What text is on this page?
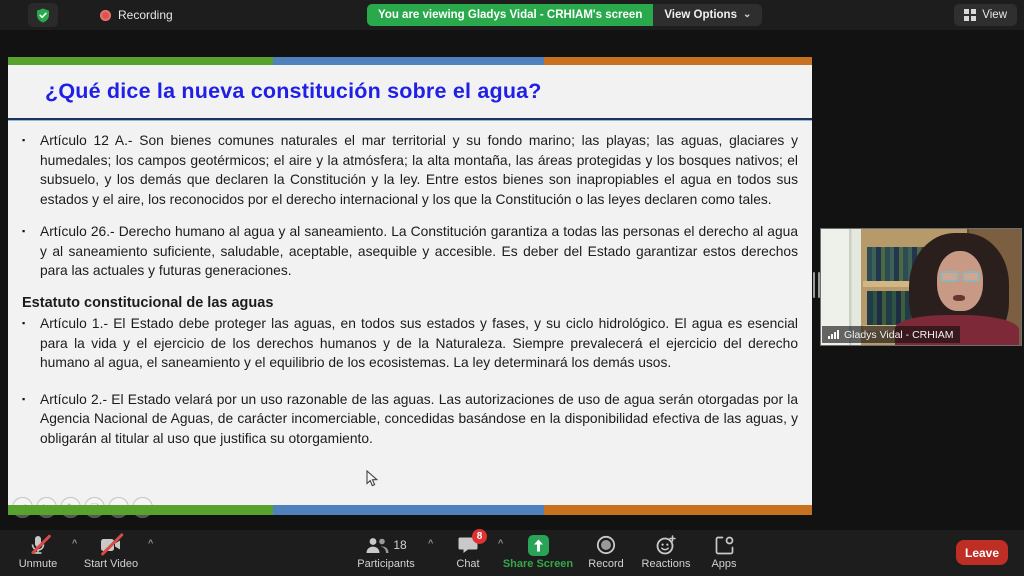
Recording	You are viewing Gladys Vidal - CRHIAM's screen	View Options ⌄	View
¿Qué dice la nueva constitución sobre el agua?
▪	Artículo 12 A.- Son bienes comunes naturales el mar territorial y su fondo marino; las playas; las aguas, glaciares y humedales; los campos geotérmicos; el aire y la atmósfera; la alta montaña, las áreas protegidas y los bosques nativos; el subsuelo, y los demás que declaren la Constitución y la ley. Entre estos bienes son inapropiables el agua en todos sus estados y el aire, los reconocidos por el derecho internacional y los que la Constitución o las leyes declaren como tales.
▪	Artículo 26.- Derecho humano al agua y al saneamiento. La Constitución garantiza a todas las personas el derecho al agua y al saneamiento suficiente, saludable, aceptable, asequible y accesible. Es deber del Estado garantizar estos derechos para las actuales y futuras generaciones.
Estatuto constitucional de las aguas
▪	Artículo 1.- El Estado debe proteger las aguas, en todos sus estados y fases, y su ciclo hidrológico. El agua es esencial para la vida y el ejercicio de los derechos humanos y de la Naturaleza. Siempre prevalecerá el ejercicio del derecho humano al agua, el saneamiento y el equilibrio de los ecosistemas. La ley determinará los demás usos.
▪	Artículo 2.- El Estado velará por un uso razonable de las aguas. Las autorizaciones de uso de agua serán otorgadas por la Agencia Nacional de Aguas, de carácter incomerciable, concedidas basándose en la disponibilidad efectiva de las aguas, y obligarán al titular al uso que justifica su otorgamiento.
Gladys Vidal - CRHIAM
Unmute
^
Start Video
^	18
Participants
^
8
Chat
^
Share Screen Record Reactions Apps
Leave
